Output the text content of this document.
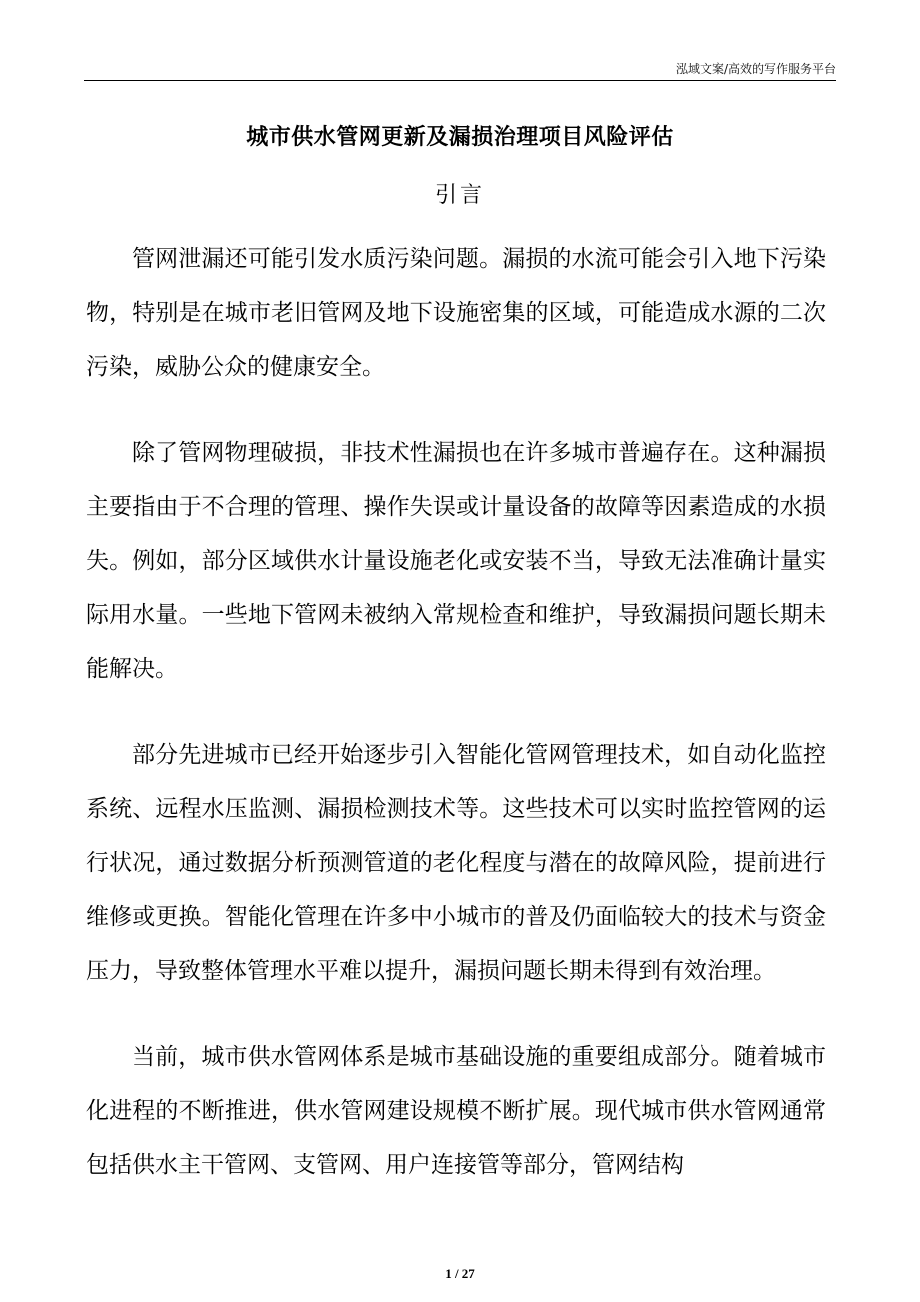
泓域文案/高效的写作服务平台
城市供水管网更新及漏损治理项目风险评估
引言

管网泄漏还可能引发水质污染问题。漏损的水流可能会引入地下污染物，特别是在城市老旧管网及地下设施密集的区域，可能造成水源的二次污染，威胁公众的健康安全。

除了管网物理破损，非技术性漏损也在许多城市普遍存在。这种漏损主要指由于不合理的管理、操作失误或计量设备的故障等因素造成的水损失。例如，部分区域供水计量设施老化或安装不当，导致无法准确计量实际用水量。一些地下管网未被纳入常规检查和维护，导致漏损问题长期未能解决。

部分先进城市已经开始逐步引入智能化管网管理技术，如自动化监控系统、远程水压监测、漏损检测技术等。这些技术可以实时监控管网的运行状况，通过数据分析预测管道的老化程度与潜在的故障风险，提前进行维修或更换。智能化管理在许多中小城市的普及仍面临较大的技术与资金压力，导致整体管理水平难以提升，漏损问题长期未得到有效治理。

当前，城市供水管网体系是城市基础设施的重要组成部分。随着城市化进程的不断推进，供水管网建设规模不断扩展。现代城市供水管网通常包括供水主干管网、支管网、用户连接管等部分，管网结构

1 / 27
